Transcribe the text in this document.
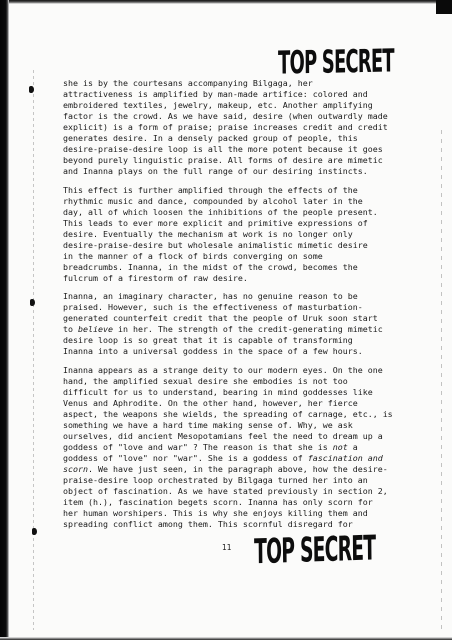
TOP SECRET

she is by the courtesans accompanying Bilgaga, her
attractiveness is amplified by man-made artifice: colored and
embroidered textiles, jewelry, makeup, etc. Another amplifying
factor is the crowd. As we have said, desire (when outwardly made
explicit) is a form of praise; praise increases credit and credit
generates desire. In a densely packed group of people, this
desire-praise-desire loop is all the more potent because it goes
beyond purely linguistic praise. All forms of desire are mimetic
and Inanna plays on the full range of our desiring instincts.

This effect is further amplified through the effects of the
rhythmic music and dance, compounded by alcohol later in the
day, all of which loosen the inhibitions of the people present.
This leads to ever more explicit and primitive expressions of
desire. Eventually the mechanism at work is no longer only
desire-praise-desire but wholesale animalistic mimetic desire
in the manner of a flock of birds converging on some
breadcrumbs. Inanna, in the midst of the crowd, becomes the
fulcrum of a firestorm of raw desire.

Inanna, an imaginary character, has no genuine reason to be
praised. However, such is the effectiveness of masturbation-
generated counterfeit credit that the people of Uruk soon start
to believe in her. The strength of the credit-generating mimetic
desire loop is so great that it is capable of transforming
Inanna into a universal goddess in the space of a few hours.

Inanna appears as a strange deity to our modern eyes. On the one
hand, the amplified sexual desire she embodies is not too
difficult for us to understand, bearing in mind goddesses like
Venus and Aphrodite. On the other hand, however, her fierce
aspect, the weapons she wields, the spreading of carnage, etc., is
something we have a hard time making sense of. Why, we ask
ourselves, did ancient Mesopotamians feel the need to dream up a
goddess of "love and war" ? The reason is that she is not a
goddess of "love" nor "war". She is a goddess of fascination and
scorn. We have just seen, in the paragraph above, how the desire-
praise-desire loop orchestrated by Bilgaga turned her into an
object of fascination. As we have stated previously in section 2,
item (h.), fascination begets scorn. Inanna has only scorn for
her human worshipers. This is why she enjoys killing them and
spreading conflict among them. This scornful disregard for

11 TOP SECRET
